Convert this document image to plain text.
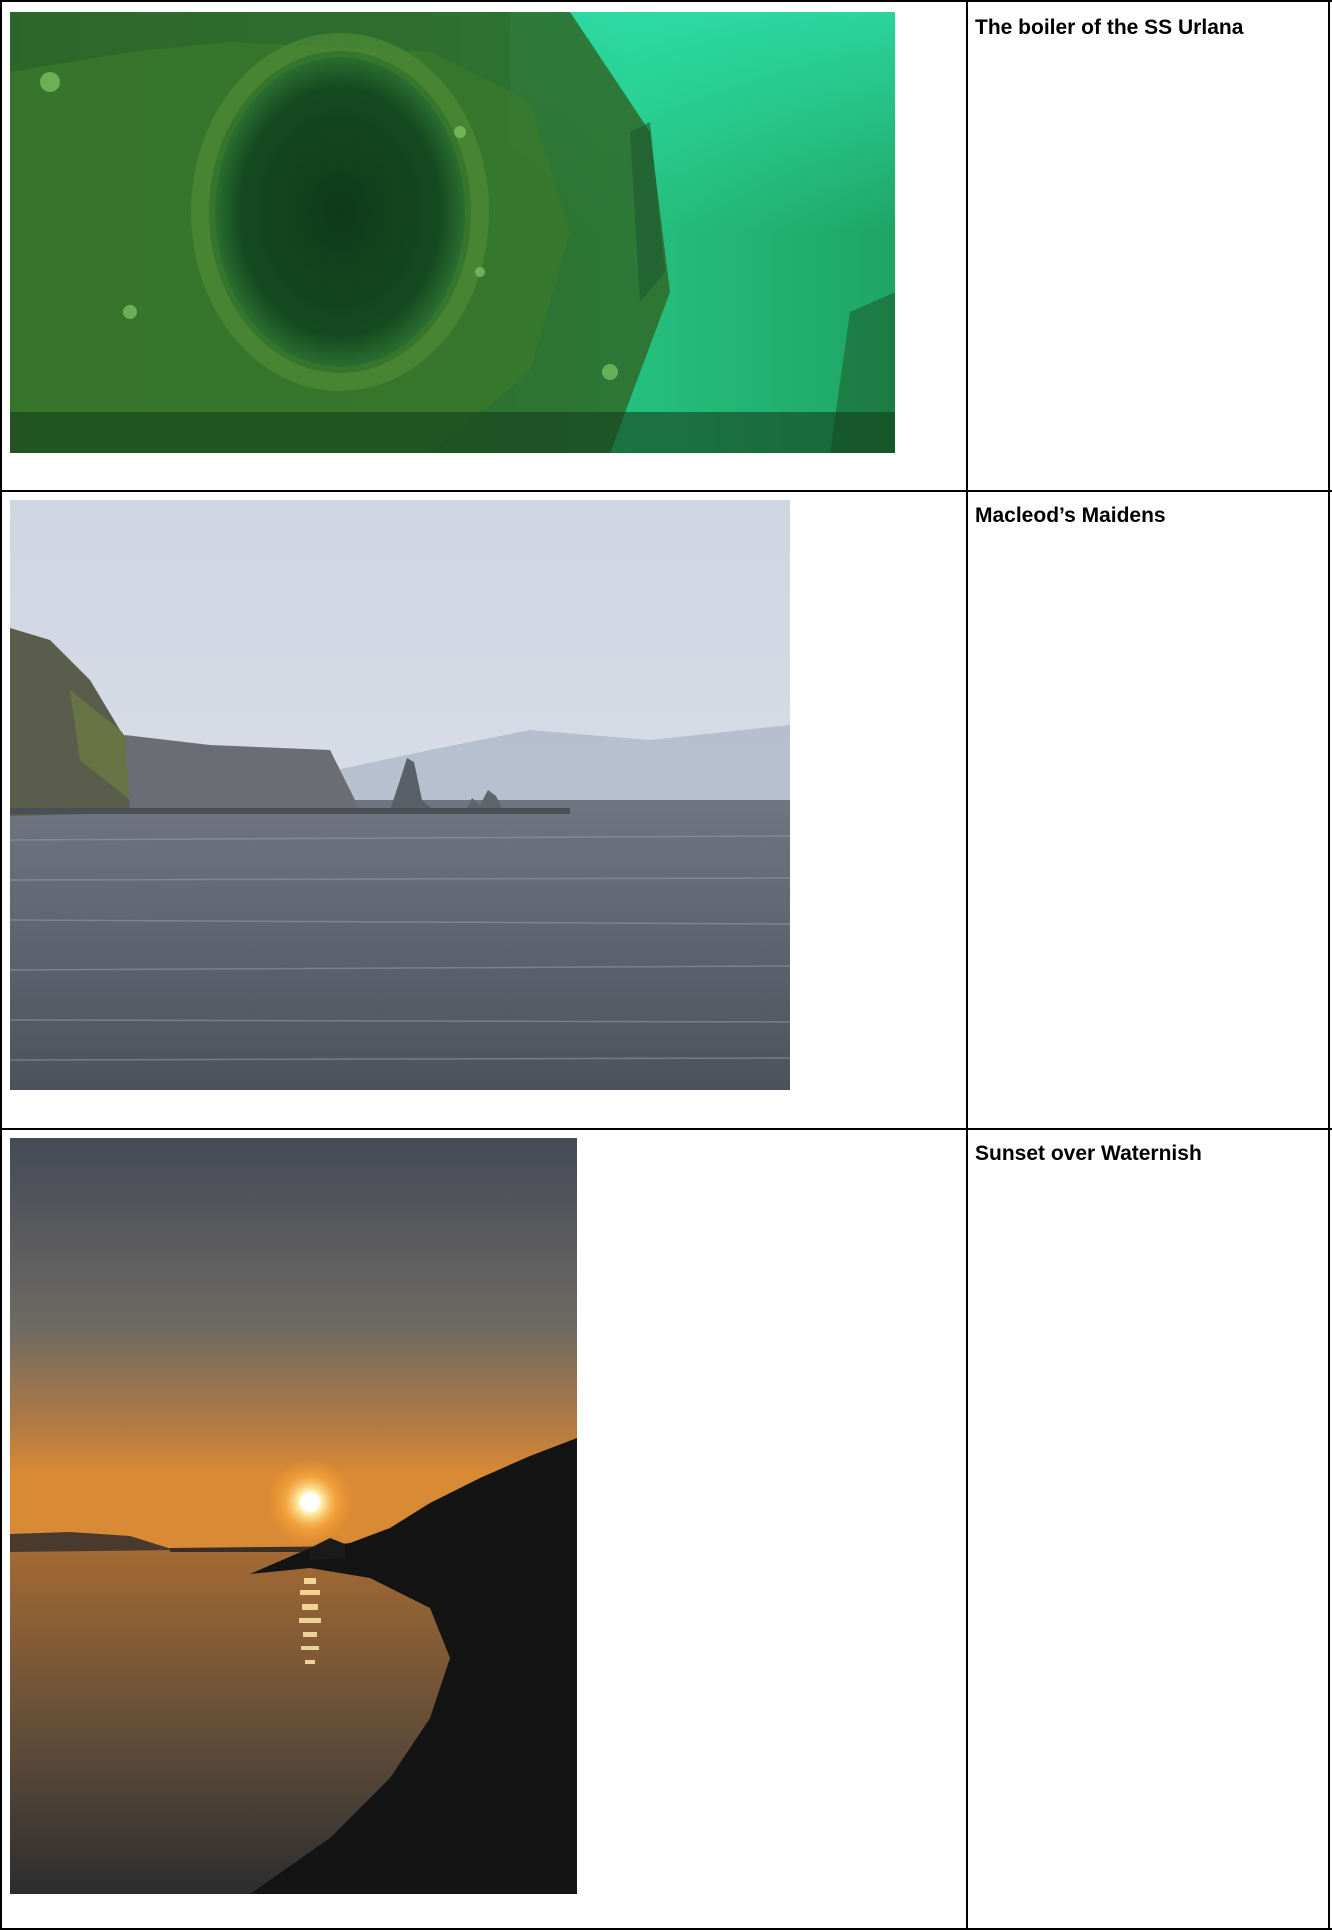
The boiler of the SS Urlana
Macleod’s Maidens
Sunset over Waternish
